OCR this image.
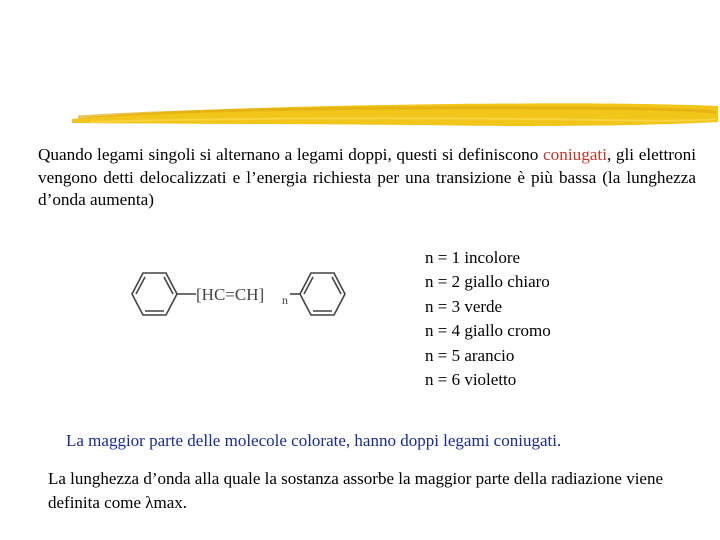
Quando legami singoli si alternano a legami doppi, questi si definiscono coniugati, gli elettroni vengono detti delocalizzati e l’energia richiesta per una transizione è più bassa (la lunghezza d’onda aumenta)

[HC=CH] n
n = 1 incolore
n = 2 giallo chiaro
n = 3 verde
n = 4 giallo cromo
n = 5 arancio
n = 6 violetto

La maggior parte delle molecole colorate, hanno doppi legami coniugati.

La lunghezza d’onda alla quale la sostanza assorbe la maggior parte della radiazione viene definita come λmax.
